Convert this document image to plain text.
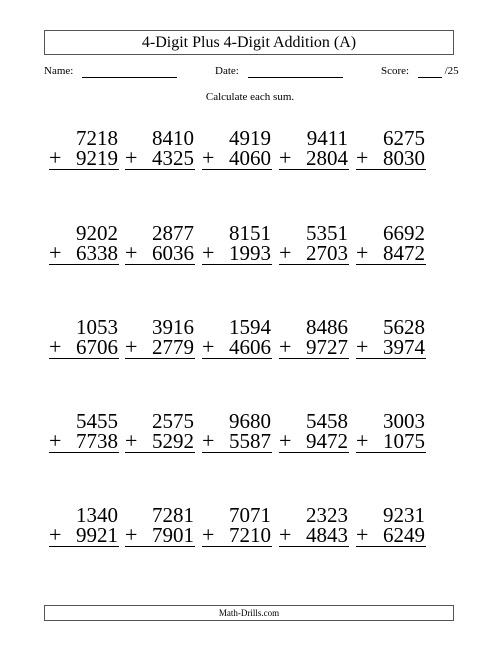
4-Digit Plus 4-Digit Addition (A)
Name:	Date:	Score:	/25
Calculate each sum.
7218
+ 9219
8410
+ 4325
4919
+ 4060
9411
+ 2804
6275
+ 8030
9202
+ 6338
2877
+ 6036
8151
+ 1993
5351
+ 2703
6692
+ 8472
1053
+ 6706
3916
+ 2779
1594
+ 4606
8486
+ 9727
5628
+ 3974
5455
+ 7738
2575
+ 5292
9680
+ 5587
5458
+ 9472
3003
+ 1075
1340
+ 9921
7281
+ 7901
7071
+ 7210
2323
+ 4843
9231
+ 6249
Math-Drills.com
